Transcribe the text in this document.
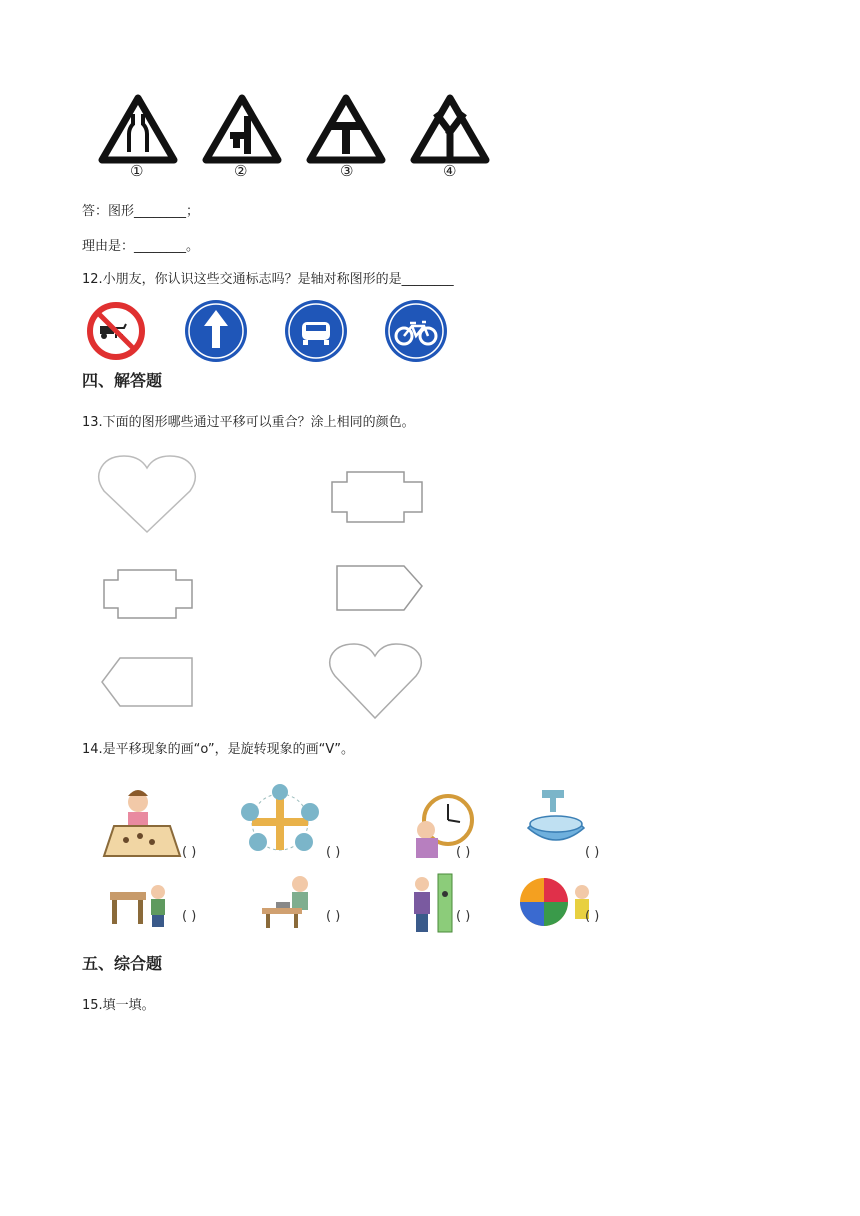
①	②	③	④
答：图形________；
理由是：________。
12.小朋友，你认识这些交通标志吗？是轴对称图形的是________
四、解答题
13.下面的图形哪些通过平移可以重合？涂上相同的颜色。
14.是平移现象的画“o”，是旋转现象的画“V”。
( )	( )	( )	( )
( )	( )	( )	( )
五、综合题
15.填一填。
